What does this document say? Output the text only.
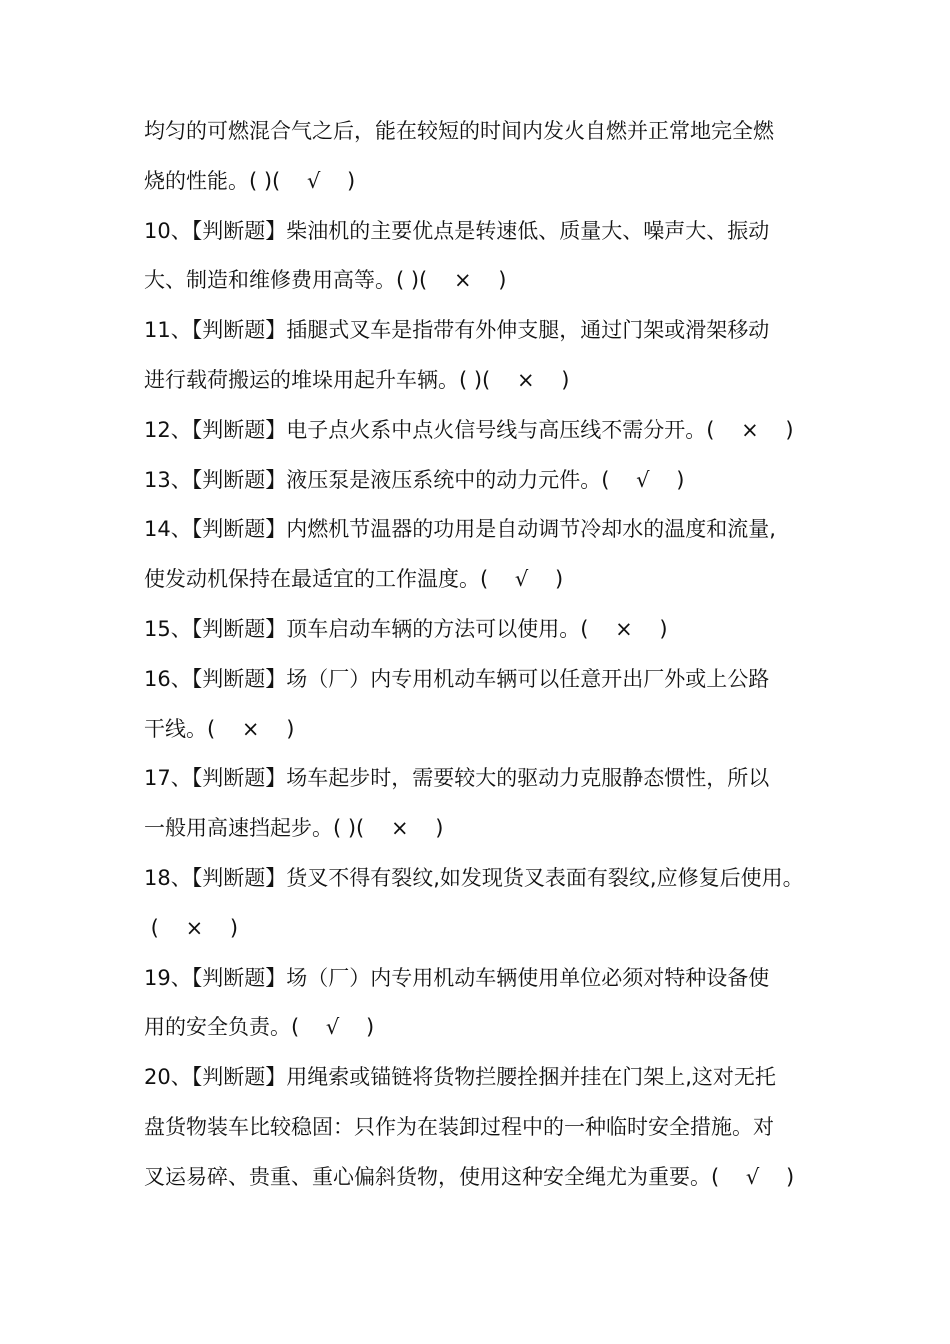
均匀的可燃混合气之后，能在较短的时间内发火自燃并正常地完全燃
烧的性能。( )(    √    )
10、【判断题】柴油机的主要优点是转速低、质量大、噪声大、振动
大、制造和维修费用高等。( )(    ×    )
11、【判断题】插腿式叉车是指带有外伸支腿，通过门架或滑架移动
进行载荷搬运的堆垛用起升车辆。( )(    ×    )
12、【判断题】电子点火系中点火信号线与高压线不需分开。(    ×    )
13、【判断题】液压泵是液压系统中的动力元件。(    √    )
14、【判断题】内燃机节温器的功用是自动调节冷却水的温度和流量,
使发动机保持在最适宜的工作温度。(    √    )
15、【判断题】顶车启动车辆的方法可以使用。(    ×    )
16、【判断题】场（厂）内专用机动车辆可以任意开出厂外或上公路
干线。(    ×    )
17、【判断题】场车起步时，需要较大的驱动力克服静态惯性，所以
一般用高速挡起步。( )(    ×    )
18、【判断题】货叉不得有裂纹,如发现货叉表面有裂纹,应修复后使用。
(    ×    )
19、【判断题】场（厂）内专用机动车辆使用单位必须对特种设备使
用的安全负责。(    √    )
20、【判断题】用绳索或锚链将货物拦腰拴捆并挂在门架上,这对无托
盘货物装车比较稳固：只作为在装卸过程中的一种临时安全措施。对
叉运易碎、贵重、重心偏斜货物，使用这种安全绳尤为重要。(    √    )
